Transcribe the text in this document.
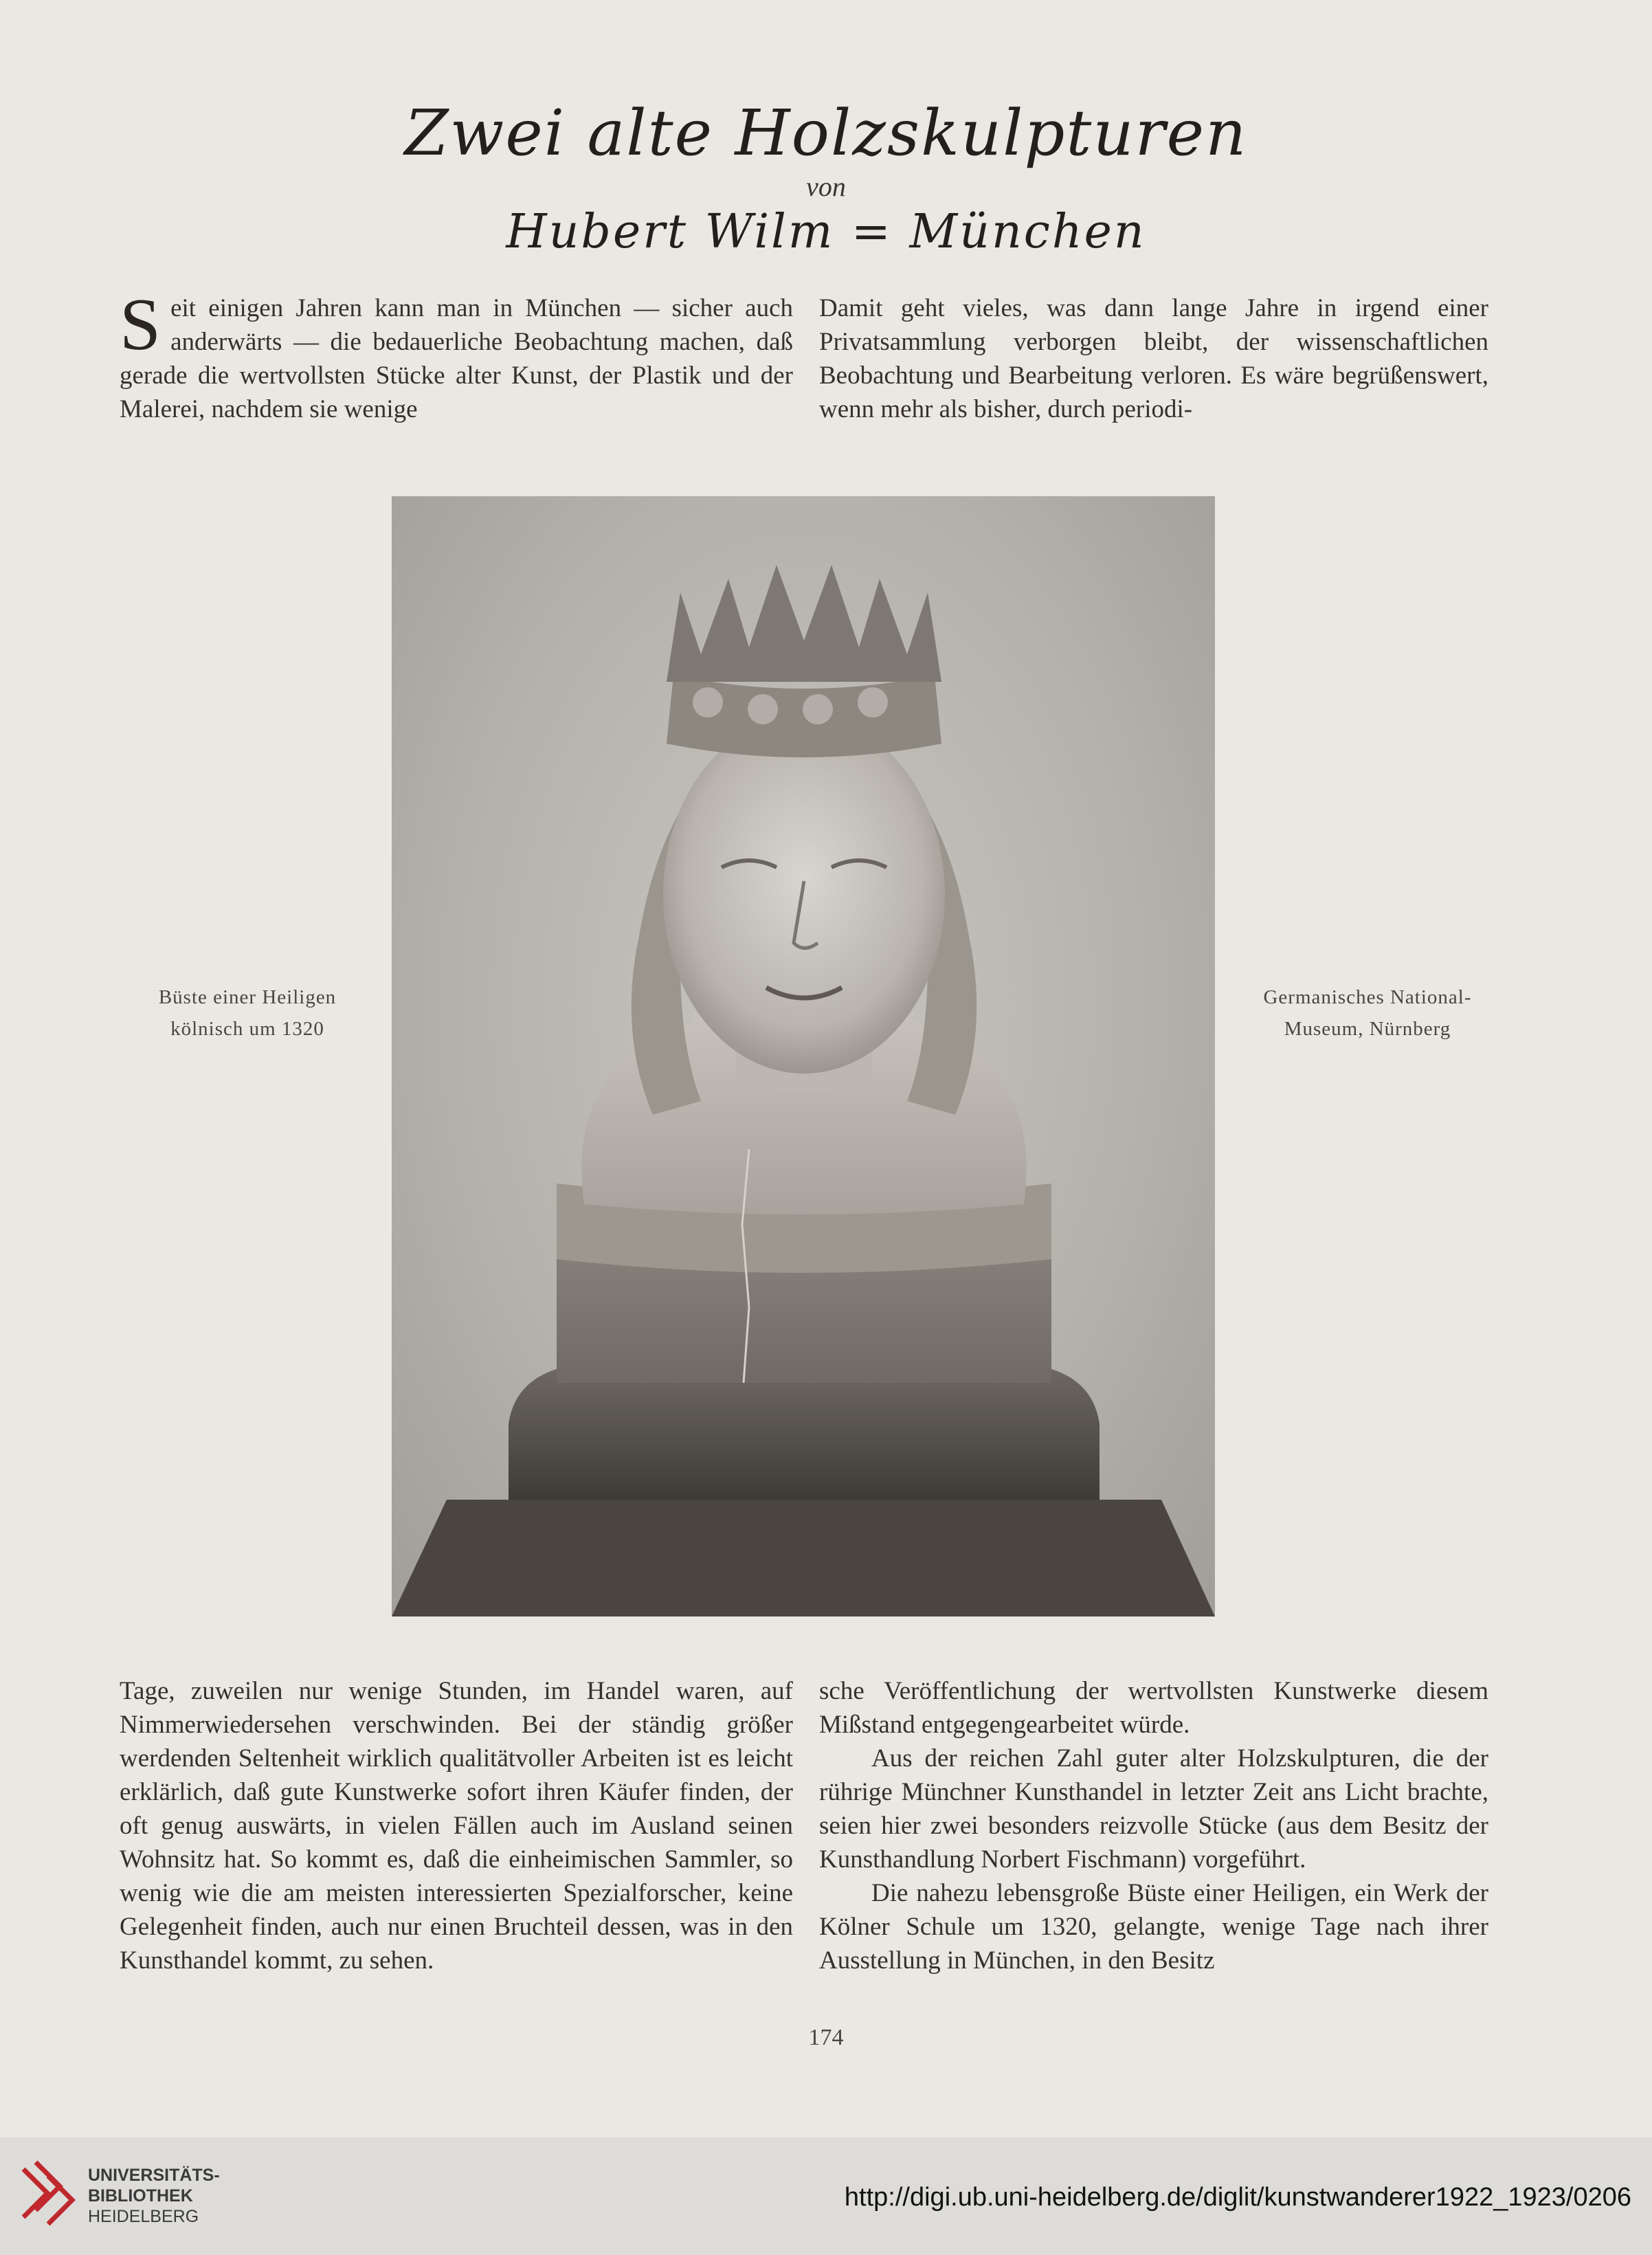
Zwei alte Holzskulpturen
von
Hubert Wilm = München

Seit einigen Jahren kann man in München — sicher auch anderwärts — die bedauerliche Beobachtung machen, daß gerade die wertvollsten Stücke alter Kunst, der Plastik und der Malerei, nachdem sie wenige

Damit geht vieles, was dann lange Jahre in irgend einer Privatsammlung verborgen bleibt, der wissenschaftlichen Beobachtung und Bearbeitung verloren. Es wäre begrüßenswert, wenn mehr als bisher, durch periodi-

Büste einer Heiligen
kölnisch um 1320
Germanisches National-
Museum, Nürnberg

Tage, zuweilen nur wenige Stunden, im Handel waren, auf Nimmerwiedersehen verschwinden. Bei der ständig größer werdenden Seltenheit wirklich qualitätvoller Arbeiten ist es leicht erklärlich, daß gute Kunstwerke sofort ihren Käufer finden, der oft genug auswärts, in vielen Fällen auch im Ausland seinen Wohnsitz hat. So kommt es, daß die einheimischen Sammler, so wenig wie die am meisten interessierten Spezialforscher, keine Gelegenheit finden, auch nur einen Bruchteil dessen, was in den Kunsthandel kommt, zu sehen.

sche Veröffentlichung der wertvollsten Kunstwerke diesem Mißstand entgegengearbeitet würde.

Aus der reichen Zahl guter alter Holzskulpturen, die der rührige Münchner Kunsthandel in letzter Zeit ans Licht brachte, seien hier zwei besonders reizvolle Stücke (aus dem Besitz der Kunsthandlung Norbert Fischmann) vorgeführt.

Die nahezu lebensgroße Büste einer Heiligen, ein Werk der Kölner Schule um 1320, gelangte, wenige Tage nach ihrer Ausstellung in München, in den Besitz

174
UNIVERSITÄTS-
BIBLIOTHEK
HEIDELBERG
http://digi.ub.uni-heidelberg.de/diglit/kunstwanderer1922_1923/0206
